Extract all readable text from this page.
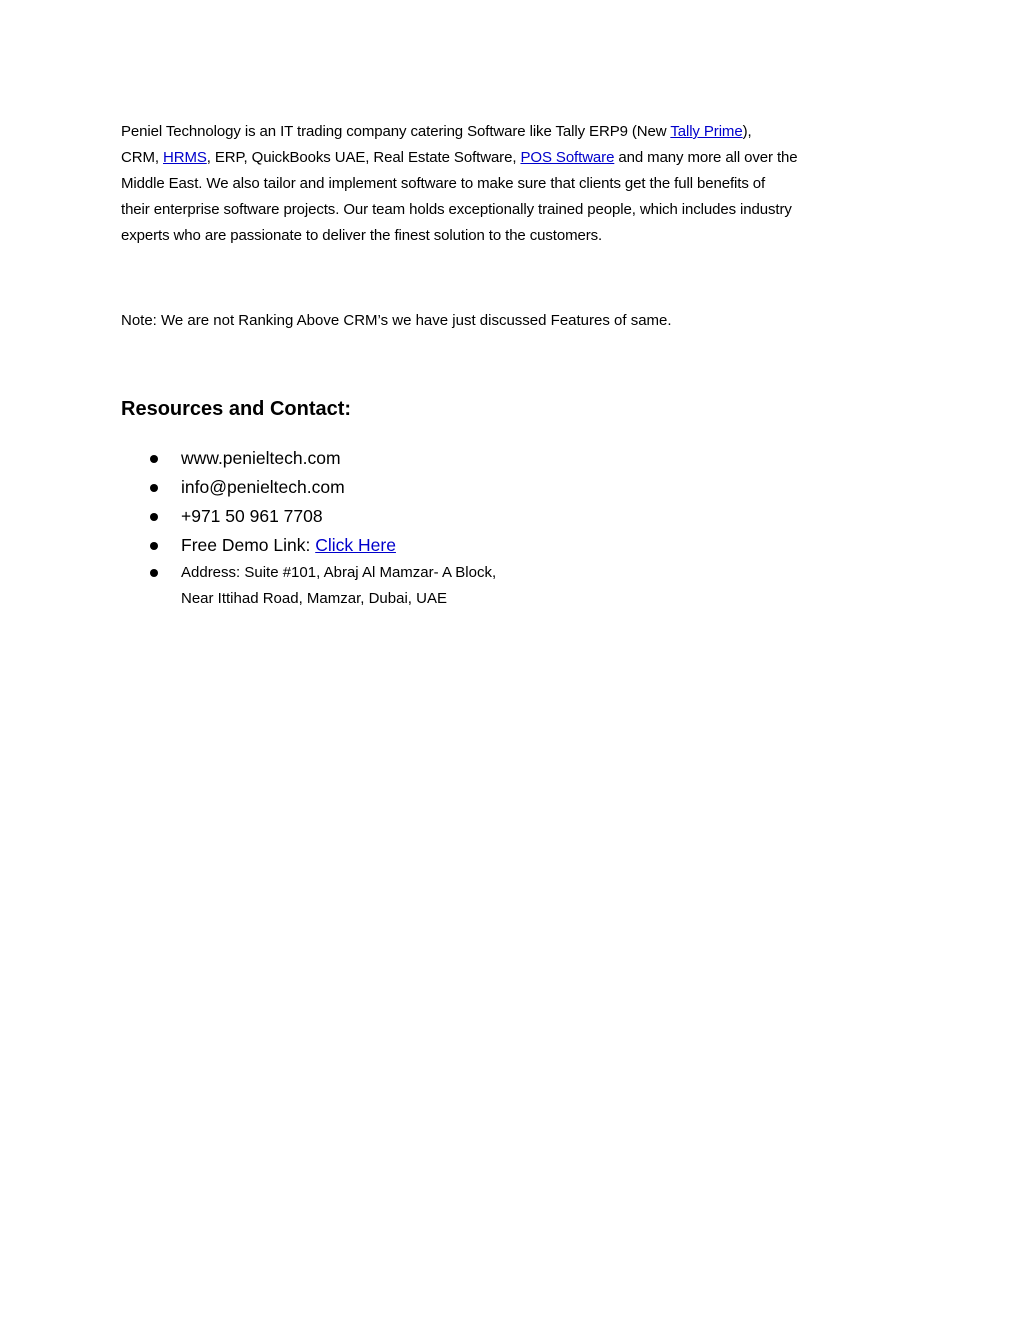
Peniel Technology is an IT trading company catering Software like Tally ERP9 (New Tally Prime),
CRM, HRMS, ERP, QuickBooks UAE, Real Estate Software, POS Software and many more all over the
Middle East. We also tailor and implement software to make sure that clients get the full benefits of
their enterprise software projects. Our team holds exceptionally trained people, which includes industry
experts who are passionate to deliver the finest solution to the customers.

Note: We are not Ranking Above CRM’s we have just discussed Features of same.

Resources and Contact:
www.penieltech.com
info@penieltech.com
+971 50 961 7708
Free Demo Link: Click Here
Address: Suite #101, Abraj Al Mamzar- A Block,
Near Ittihad Road, Mamzar, Dubai, UAE
